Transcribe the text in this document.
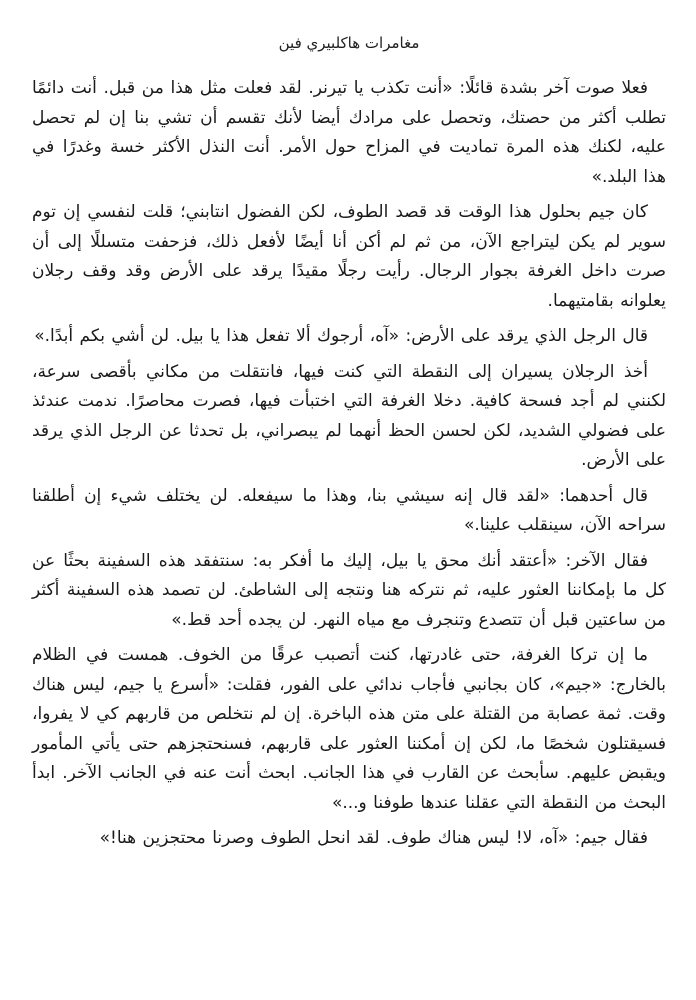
مغامرات هاكلبيري فين

فعلا صوت آخر بشدة قائلًا: «أنت تكذب يا تيرنر. لقد فعلت مثل هذا من قبل. أنت دائمًا تطلب أكثر من حصتك، وتحصل على مرادك أيضا لأنك تقسم أن تشي بنا إن لم تحصل عليه، لكنك هذه المرة تماديت في المزاح حول الأمر. أنت النذل الأكثر خسة وغدرًا في هذا البلد.»

كان جيم بحلول هذا الوقت قد قصد الطوف، لكن الفضول انتابني؛ قلت لنفسي إن توم سوير لم يكن ليتراجع الآن، من ثم لم أكن أنا أيضًا لأفعل ذلك، فزحفت متسللًا إلى أن صرت داخل الغرفة بجوار الرجال. رأيت رجلًا مقيدًا يرقد على الأرض وقد وقف رجلان يعلوانه بقامتيهما.

قال الرجل الذي يرقد على الأرض: «آه، أرجوك ألا تفعل هذا يا بيل. لن أشي بكم أبدًا.»

أخذ الرجلان يسيران إلى النقطة التي كنت فيها، فانتقلت من مكاني بأقصى سرعة، لكنني لم أجد فسحة كافية. دخلا الغرفة التي اختبأت فيها، فصرت محاصرًا. ندمت عندئذ على فضولي الشديد، لكن لحسن الحظ أنهما لم يبصراني، بل تحدثا عن الرجل الذي يرقد على الأرض.

قال أحدهما: «لقد قال إنه سيشي بنا، وهذا ما سيفعله. لن يختلف شيء إن أطلقنا سراحه الآن، سينقلب علينا.»

فقال الآخر: «أعتقد أنك محق يا بيل، إليك ما أفكر به: سنتفقد هذه السفينة بحثًا عن كل ما بإمكاننا العثور عليه، ثم نتركه هنا ونتجه إلى الشاطئ. لن تصمد هذه السفينة أكثر من ساعتين قبل أن تتصدع وتنجرف مع مياه النهر. لن يجده أحد قط.»

ما إن تركا الغرفة، حتى غادرتها، كنت أتصبب عرقًا من الخوف. همست في الظلام بالخارج: «جيم»، كان بجانبي فأجاب ندائي على الفور، فقلت: «أسرع يا جيم، ليس هناك وقت. ثمة عصابة من القتلة على متن هذه الباخرة. إن لم نتخلص من قاربهم كي لا يفروا، فسيقتلون شخصًا ما، لكن إن أمكننا العثور على قاربهم، فسنحتجزهم حتى يأتي المأمور ويقبض عليهم. سأبحث عن القارب في هذا الجانب. ابحث أنت عنه في الجانب الآخر. ابدأ البحث من النقطة التي عقلنا عندها طوفنا و...»

فقال جيم: «آه، لا! ليس هناك طوف. لقد انحل الطوف وصرنا محتجزين هنا!»
